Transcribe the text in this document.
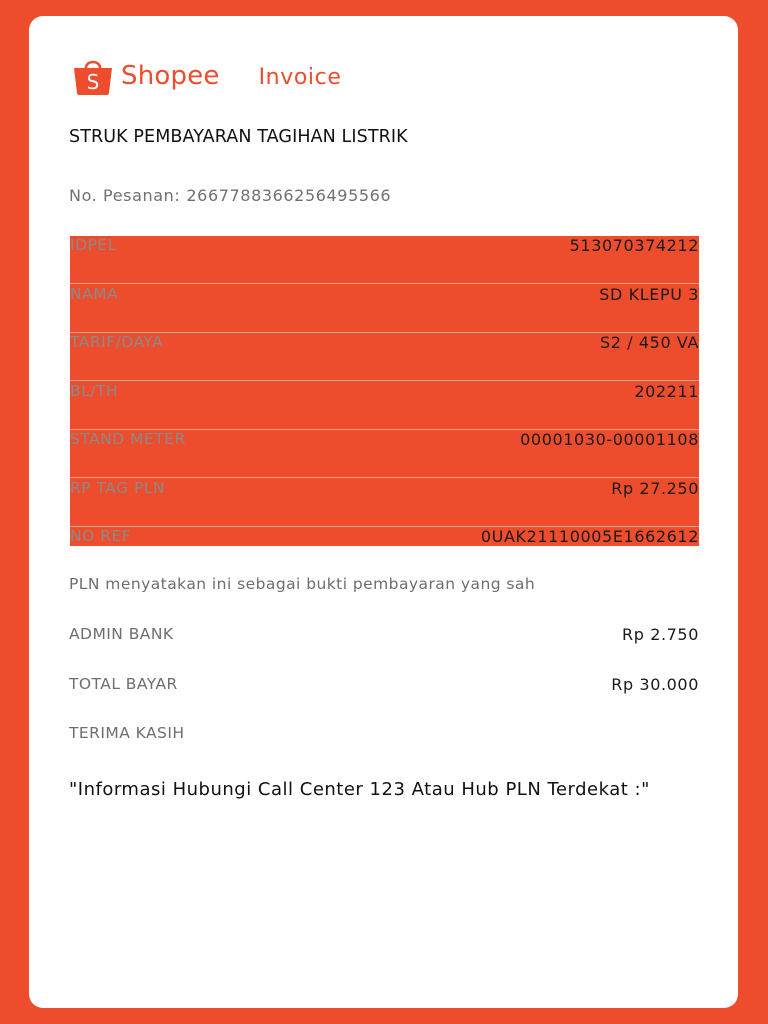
S Shopee Invoice
STRUK PEMBAYARAN TAGIHAN LISTRIK
No. Pesanan: 2667788366256495566
IDPEL	513070374212
NAMA	SD KLEPU 3
TARIF/DAYA	S2 / 450 VA
BL/TH	202211
STAND METER	00001030-00001108
RP TAG PLN	Rp 27.250
NO REF	0UAK21110005E1662612
PLN menyatakan ini sebagai bukti pembayaran yang sah
ADMIN BANK	Rp 2.750
TOTAL BAYAR	Rp 30.000
TERIMA KASIH
"Informasi Hubungi Call Center 123 Atau Hub PLN Terdekat :"
